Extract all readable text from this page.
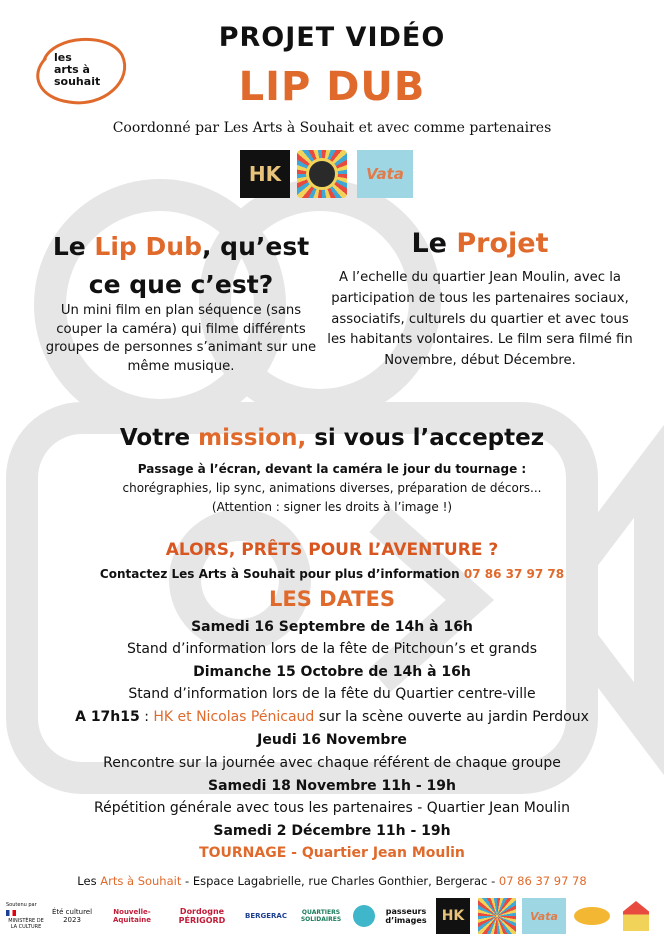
les
arts à
souhait
PROJET VIDÉO
LIP DUB
Coordonné par Les Arts à Souhait et avec comme partenaires
HK	Vata
Le Lip Dub, qu’est ce que c’est?
Un mini film en plan séquence (sans couper la caméra) qui filme différents groupes de personnes s’animant sur une même musique.
Le Projet
A l’echelle du quartier Jean Moulin, avec la participation de tous les partenaires sociaux, associatifs, culturels du quartier et avec tous les habitants volontaires. Le film sera filmé fin Novembre, début Décembre.
Votre mission, si vous l’acceptez
Passage à l’écran, devant la caméra le jour du tournage :
chorégraphies, lip sync, animations diverses, préparation de décors...
(Attention : signer les droits à l’image !)
ALORS, PRÊTS POUR L’AVENTURE ?
Contactez Les Arts à Souhait pour plus d’information 07 86 37 97 78
LES DATES
Samedi 16 Septembre de 14h à 16h
Stand d’information lors de la fête de Pitchoun’s et grands
Dimanche 15 Octobre de 14h à 16h
Stand d’information lors de la fête du Quartier centre-ville
A 17h15 : HK et Nicolas Pénicaud sur la scène ouverte au jardin Perdoux
Jeudi 16 Novembre
Rencontre sur la journée avec chaque référent de chaque groupe
Samedi 18 Novembre 11h - 19h
Répétition générale avec tous les partenaires - Quartier Jean Moulin
Samedi 2 Décembre 11h - 19h
TOURNAGE - Quartier Jean Moulin
Les Arts à Souhait - Espace Lagabrielle, rue Charles Gonthier, Bergerac - 07 86 37 97 78
Soutenu par
MINISTÈRE DE LA CULTURE
Été culturel 2023
Nouvelle-Aquitaine
Dordogne PÉRIGORD	BERGERAC	QUARTIERS SOLIDAIRES
passeurs d’images	HK	Vata
